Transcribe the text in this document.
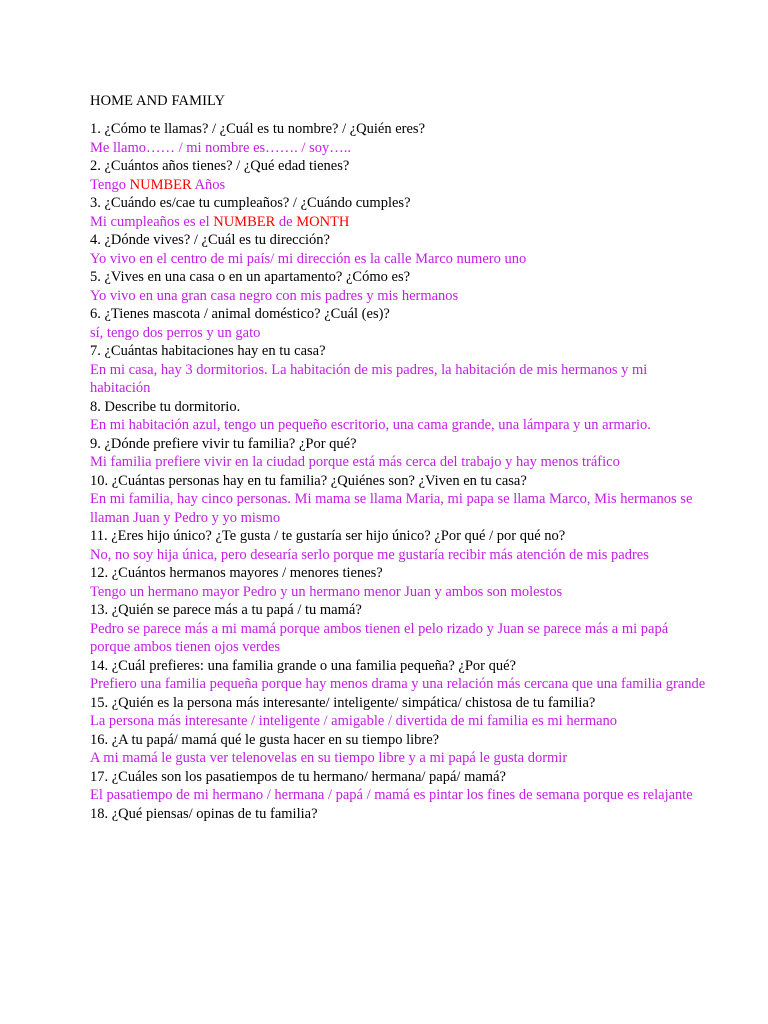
HOME AND FAMILY

1. ¿Cómo te llamas? / ¿Cuál es tu nombre? / ¿Quién eres?

Me llamo…… / mi nombre es……. / soy…..

2. ¿Cuántos años tienes? / ¿Qué edad tienes?

Tengo NUMBER Años

3. ¿Cuándo es/cae tu cumpleaños? / ¿Cuándo cumples?

Mi cumpleaños es el NUMBER de MONTH

4. ¿Dónde vives? / ¿Cuál es tu dirección?

Yo vivo en el centro de mi país/ mi dirección es la calle Marco numero uno

5. ¿Vives en una casa o en un apartamento? ¿Cómo es?

Yo vivo en una gran casa negro con mis padres y mis hermanos

6. ¿Tienes mascota / animal doméstico? ¿Cuál (es)?

sí, tengo dos perros y un gato

7. ¿Cuántas habitaciones hay en tu casa?

En mi casa, hay 3 dormitorios. La habitación de mis padres, la habitación de mis hermanos y mi habitación

8. Describe tu dormitorio.

En mi habitación azul, tengo un pequeño escritorio, una cama grande, una lámpara y un armario.

9. ¿Dónde prefiere vivir tu familia? ¿Por qué?

Mi familia prefiere vivir en la ciudad porque está más cerca del trabajo y hay menos tráfico

10. ¿Cuántas personas hay en tu familia? ¿Quiénes son? ¿Viven en tu casa?

En mi familia, hay cinco personas. Mi mama se llama Maria, mi papa se llama Marco, Mis hermanos se llaman Juan y Pedro y yo mismo

11. ¿Eres hijo único? ¿Te gusta / te gustaría ser hijo único? ¿Por qué / por qué no?

No, no soy hija única, pero desearía serlo porque me gustaría recibir más atención de mis padres

12. ¿Cuántos hermanos mayores / menores tienes?

Tengo un hermano mayor Pedro y un hermano menor Juan y ambos son molestos

13. ¿Quién se parece más a tu papá / tu mamá?

Pedro se parece más a mi mamá porque ambos tienen el pelo rizado y Juan se parece más a mi papá porque ambos tienen ojos verdes

14. ¿Cuál prefieres: una familia grande o una familia pequeña? ¿Por qué?

Prefiero una familia pequeña porque hay menos drama y una relación más cercana que una familia grande

15. ¿Quién es la persona más interesante/ inteligente/ simpática/ chistosa de tu familia?

La persona más interesante / inteligente / amigable / divertida de mi familia es mi hermano

16. ¿A tu papá/ mamá qué le gusta hacer en su tiempo libre?

A mi mamá le gusta ver telenovelas en su tiempo libre y a mi papá le gusta dormir

17. ¿Cuáles son los pasatiempos de tu hermano/ hermana/ papá/ mamá?

El pasatiempo de mi hermano / hermana / papá / mamá es pintar los fines de semana porque es relajante

18. ¿Qué piensas/ opinas de tu familia?
